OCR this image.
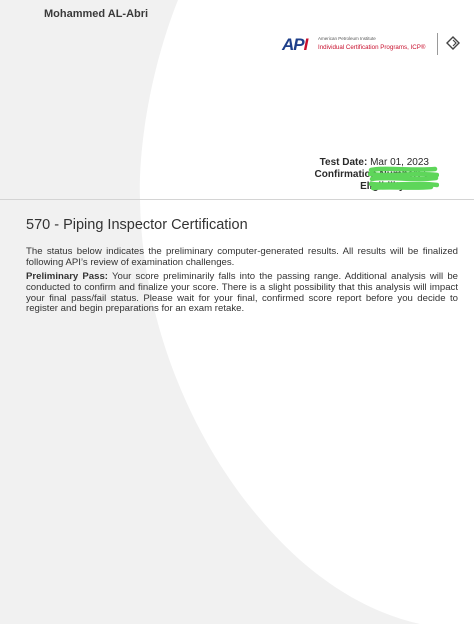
Mohammed AL-Abri
API American Petroleum Institute
Individual Certification Programs, ICP®
Test Date: Mar 01, 2023
Confirmation Number: 5
Eligibility ID: 2
570 - Piping Inspector Certification
The status below indicates the preliminary computer-generated results. All results will be finalized following API’s review of examination challenges.
Preliminary Pass: Your score preliminarily falls into the passing range. Additional analysis will be conducted to confirm and finalize your score. There is a slight possibility that this analysis will impact your final pass/fail status. Please wait for your final, confirmed score report before you decide to register and begin preparations for an exam retake.
